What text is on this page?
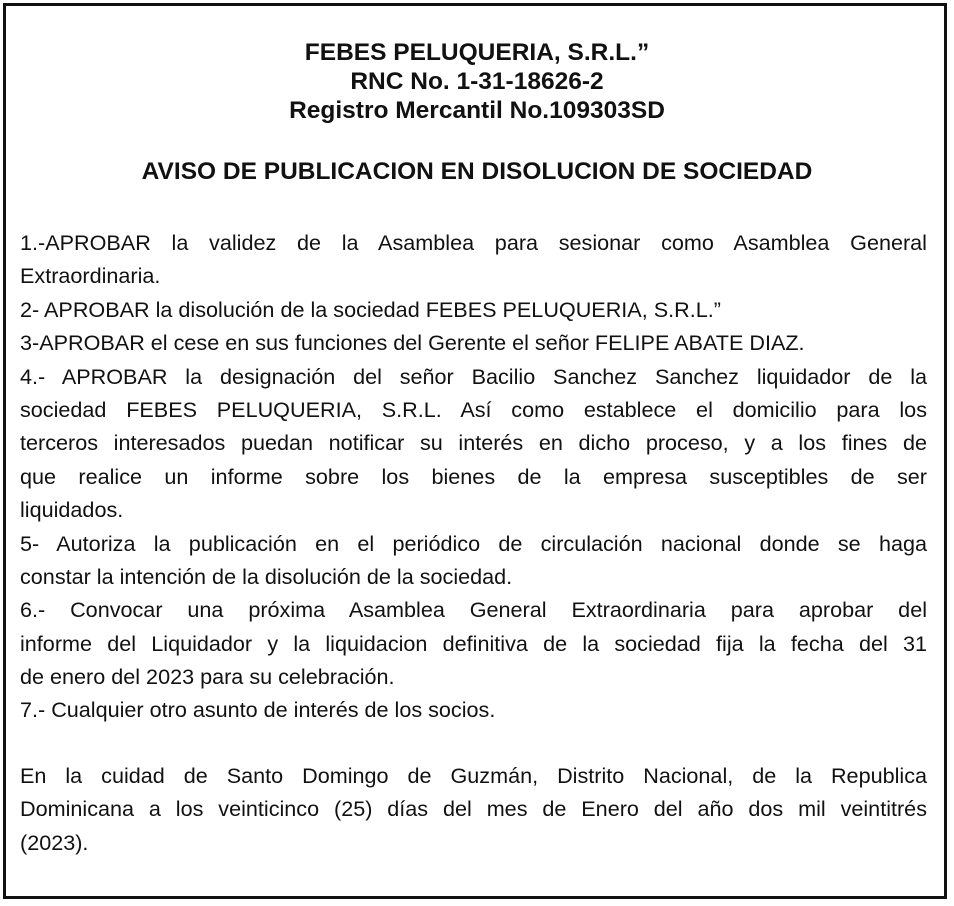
FEBES PELUQUERIA, S.R.L.”
RNC No. 1-31-18626-2
Registro Mercantil No.109303SD
AVISO DE PUBLICACION EN DISOLUCION DE SOCIEDAD
1.-APROBAR la validez de la Asamblea para sesionar como Asamblea General
Extraordinaria.
2- APROBAR la disolución de la sociedad FEBES PELUQUERIA, S.R.L.”
3-APROBAR el cese en sus funciones del Gerente el señor FELIPE ABATE DIAZ.
4.- APROBAR la designación del señor Bacilio Sanchez Sanchez liquidador de la
sociedad FEBES PELUQUERIA, S.R.L. Así como establece el domicilio para los
terceros interesados puedan notificar su interés en dicho proceso, y a los fines de
que realice un informe sobre los bienes de la empresa susceptibles de ser
liquidados.
5- Autoriza la publicación en el periódico de circulación nacional donde se haga
constar la intención de la disolución de la sociedad.
6.- Convocar una próxima Asamblea General Extraordinaria para aprobar del
informe del Liquidador y la liquidacion definitiva de la sociedad fija la fecha del 31
de enero del 2023 para su celebración.
7.- Cualquier otro asunto de interés de los socios.
En la cuidad de Santo Domingo de Guzmán, Distrito Nacional, de la Republica
Dominicana a los veinticinco (25) días del mes de Enero del año dos mil veintitrés
(2023).
